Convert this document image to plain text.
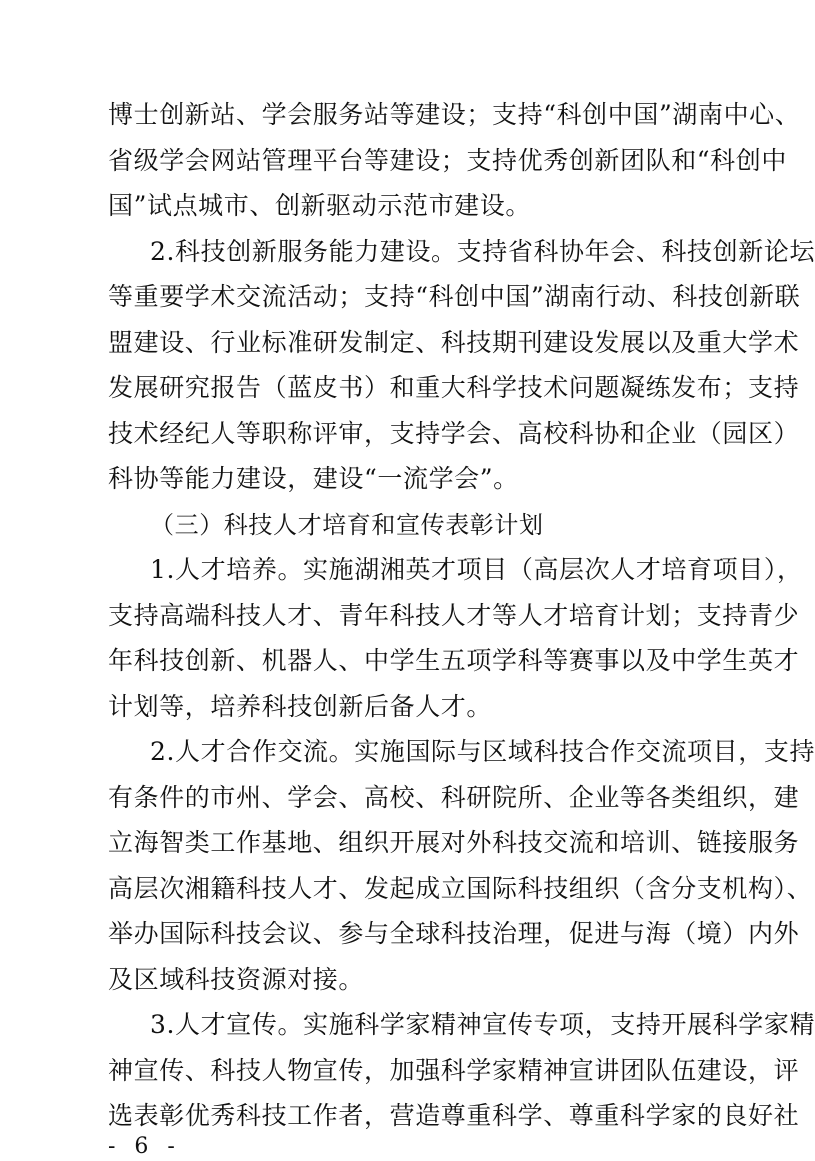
博士创新站、学会服务站等建设；支持“科创中国”湖南中心、
省级学会网站管理平台等建设；支持优秀创新团队和“科创中
国”试点城市、创新驱动示范市建设。
2.科技创新服务能力建设。支持省科协年会、科技创新论坛
等重要学术交流活动；支持“科创中国”湖南行动、科技创新联
盟建设、行业标准研发制定、科技期刊建设发展以及重大学术
发展研究报告（蓝皮书）和重大科学技术问题凝练发布；支持
技术经纪人等职称评审，支持学会、高校科协和企业（园区）
科协等能力建设，建设“一流学会”。
（三）科技人才培育和宣传表彰计划
1.人才培养。实施湖湘英才项目（高层次人才培育项目），
支持高端科技人才、青年科技人才等人才培育计划；支持青少
年科技创新、机器人、中学生五项学科等赛事以及中学生英才
计划等，培养科技创新后备人才。
2.人才合作交流。实施国际与区域科技合作交流项目，支持
有条件的市州、学会、高校、科研院所、企业等各类组织，建
立海智类工作基地、组织开展对外科技交流和培训、链接服务
高层次湘籍科技人才、发起成立国际科技组织（含分支机构）、
举办国际科技会议、参与全球科技治理，促进与海（境）内外
及区域科技资源对接。
3.人才宣传。实施科学家精神宣传专项，支持开展科学家精
神宣传、科技人物宣传，加强科学家精神宣讲团队伍建设，评
选表彰优秀科技工作者，营造尊重科学、尊重科学家的良好社
- 6 -
